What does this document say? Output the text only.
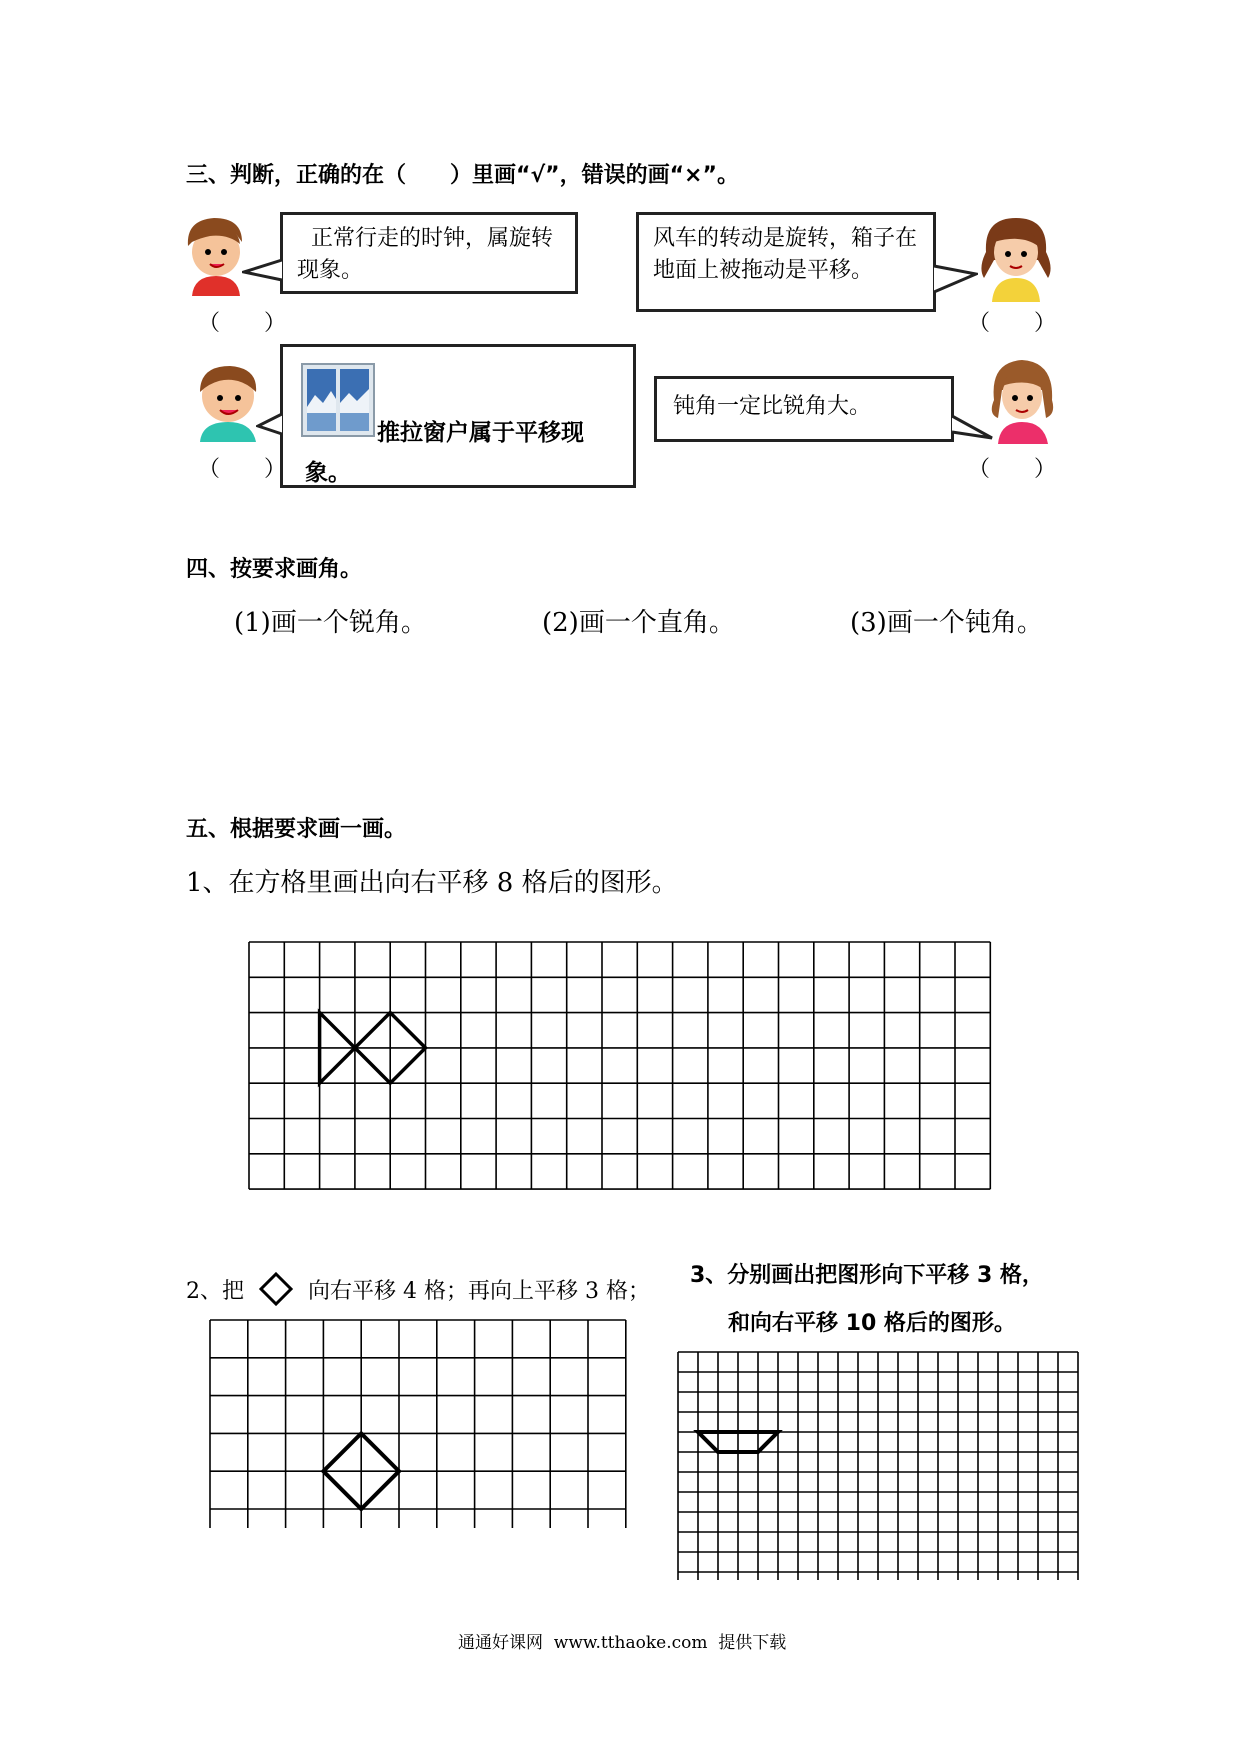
三、判断，正确的在（　　）里画“√”，错误的画“×”。
正常行走的时钟，属旋转现象。
（　　）
风车的转动是旋转，箱子在地面上被拖动是平移。
（　　）
推拉窗户属于平移现象。
（　　）
钝角一定比锐角大。
（　　）
四、按要求画角。
(1)画一个锐角。	(2)画一个直角。	(3)画一个钝角。
五、根据要求画一画。
1、在方格里画出向右平移 8 格后的图形。
2、把	向右平移 4 格；再向上平移 3 格；
3、分别画出把图形向下平移 3 格，
和向右平移 10 格后的图形。
通通好课网  www.tthaoke.com  提供下载
